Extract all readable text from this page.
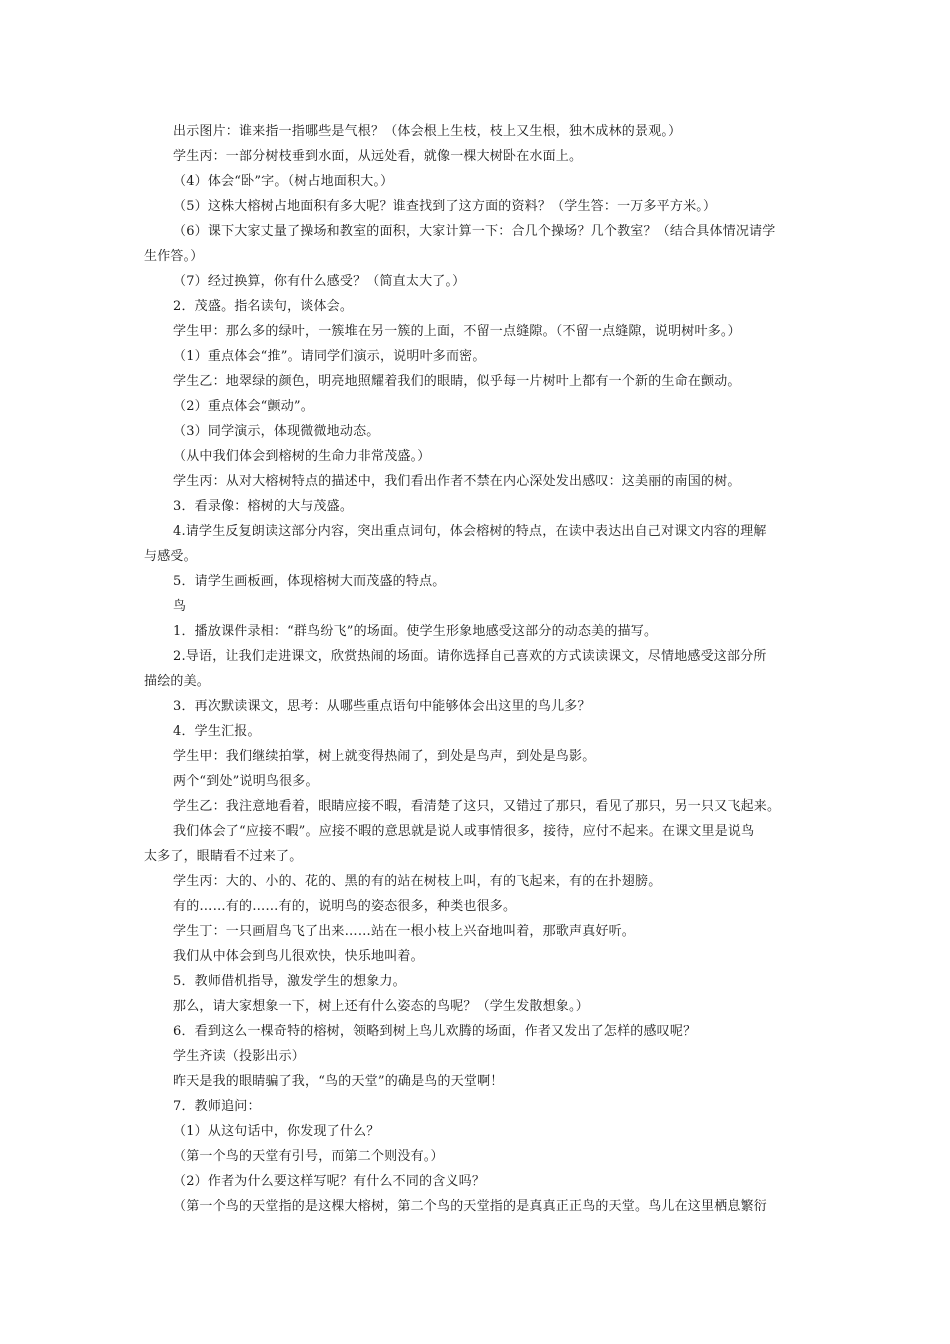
出示图片：谁来指一指哪些是气根？（体会根上生枝，枝上又生根，独木成林的景观。）
学生丙：一部分树枝垂到水面，从远处看，就像一棵大树卧在水面上。
（4）体会“卧”字。（树占地面积大。）
（5）这株大榕树占地面积有多大呢？谁查找到了这方面的资料？（学生答：一万多平方米。）
（6）课下大家丈量了操场和教室的面积，大家计算一下：合几个操场？几个教室？（结合具体情况请学
生作答。）
（7）经过换算，你有什么感受？（简直太大了。）
2．茂盛。指名读句，谈体会。
学生甲：那么多的绿叶，一簇堆在另一簇的上面，不留一点缝隙。（不留一点缝隙，说明树叶多。）
（1）重点体会“推”。请同学们演示，说明叶多而密。
学生乙：地翠绿的颜色，明亮地照耀着我们的眼睛，似乎每一片树叶上都有一个新的生命在颤动。
（2）重点体会“颤动”。
（3）同学演示，体现微微地动态。
（从中我们体会到榕树的生命力非常茂盛。）
学生丙：从对大榕树特点的描述中，我们看出作者不禁在内心深处发出感叹：这美丽的南国的树。
3．看录像：榕树的大与茂盛。
4.请学生反复朗读这部分内容，突出重点词句，体会榕树的特点，在读中表达出自己对课文内容的理解
与感受。
5．请学生画板画，体现榕树大而茂盛的特点。
鸟
1．播放课件录相：“群鸟纷飞”的场面。使学生形象地感受这部分的动态美的描写。
2.导语，让我们走进课文，欣赏热闹的场面。请你选择自己喜欢的方式读读课文，尽情地感受这部分所
描绘的美。
3．再次默读课文，思考：从哪些重点语句中能够体会出这里的鸟儿多？
4．学生汇报。
学生甲：我们继续拍掌，树上就变得热闹了，到处是鸟声，到处是鸟影。
两个“到处”说明鸟很多。
学生乙：我注意地看着，眼睛应接不暇，看清楚了这只，又错过了那只，看见了那只，另一只又飞起来。
我们体会了“应接不暇”。应接不暇的意思就是说人或事情很多，接待，应付不起来。在课文里是说鸟
太多了，眼睛看不过来了。
学生丙：大的、小的、花的、黑的有的站在树枝上叫，有的飞起来，有的在扑翅膀。
有的……有的……有的，说明鸟的姿态很多，种类也很多。
学生丁：一只画眉鸟飞了出来……站在一根小枝上兴奋地叫着，那歌声真好听。
我们从中体会到鸟儿很欢快，快乐地叫着。
5．教师借机指导，激发学生的想象力。
那么，请大家想象一下，树上还有什么姿态的鸟呢？（学生发散想象。）
6．看到这么一棵奇特的榕树，领略到树上鸟儿欢腾的场面，作者又发出了怎样的感叹呢？
学生齐读（投影出示）
昨天是我的眼睛骗了我，“鸟的天堂”的确是鸟的天堂啊！
7．教师追问：
（1）从这句话中，你发现了什么？
（第一个鸟的天堂有引号，而第二个则没有。）
（2）作者为什么要这样写呢？有什么不同的含义吗？
（第一个鸟的天堂指的是这棵大榕树，第二个鸟的天堂指的是真真正正鸟的天堂。鸟儿在这里栖息繁衍
